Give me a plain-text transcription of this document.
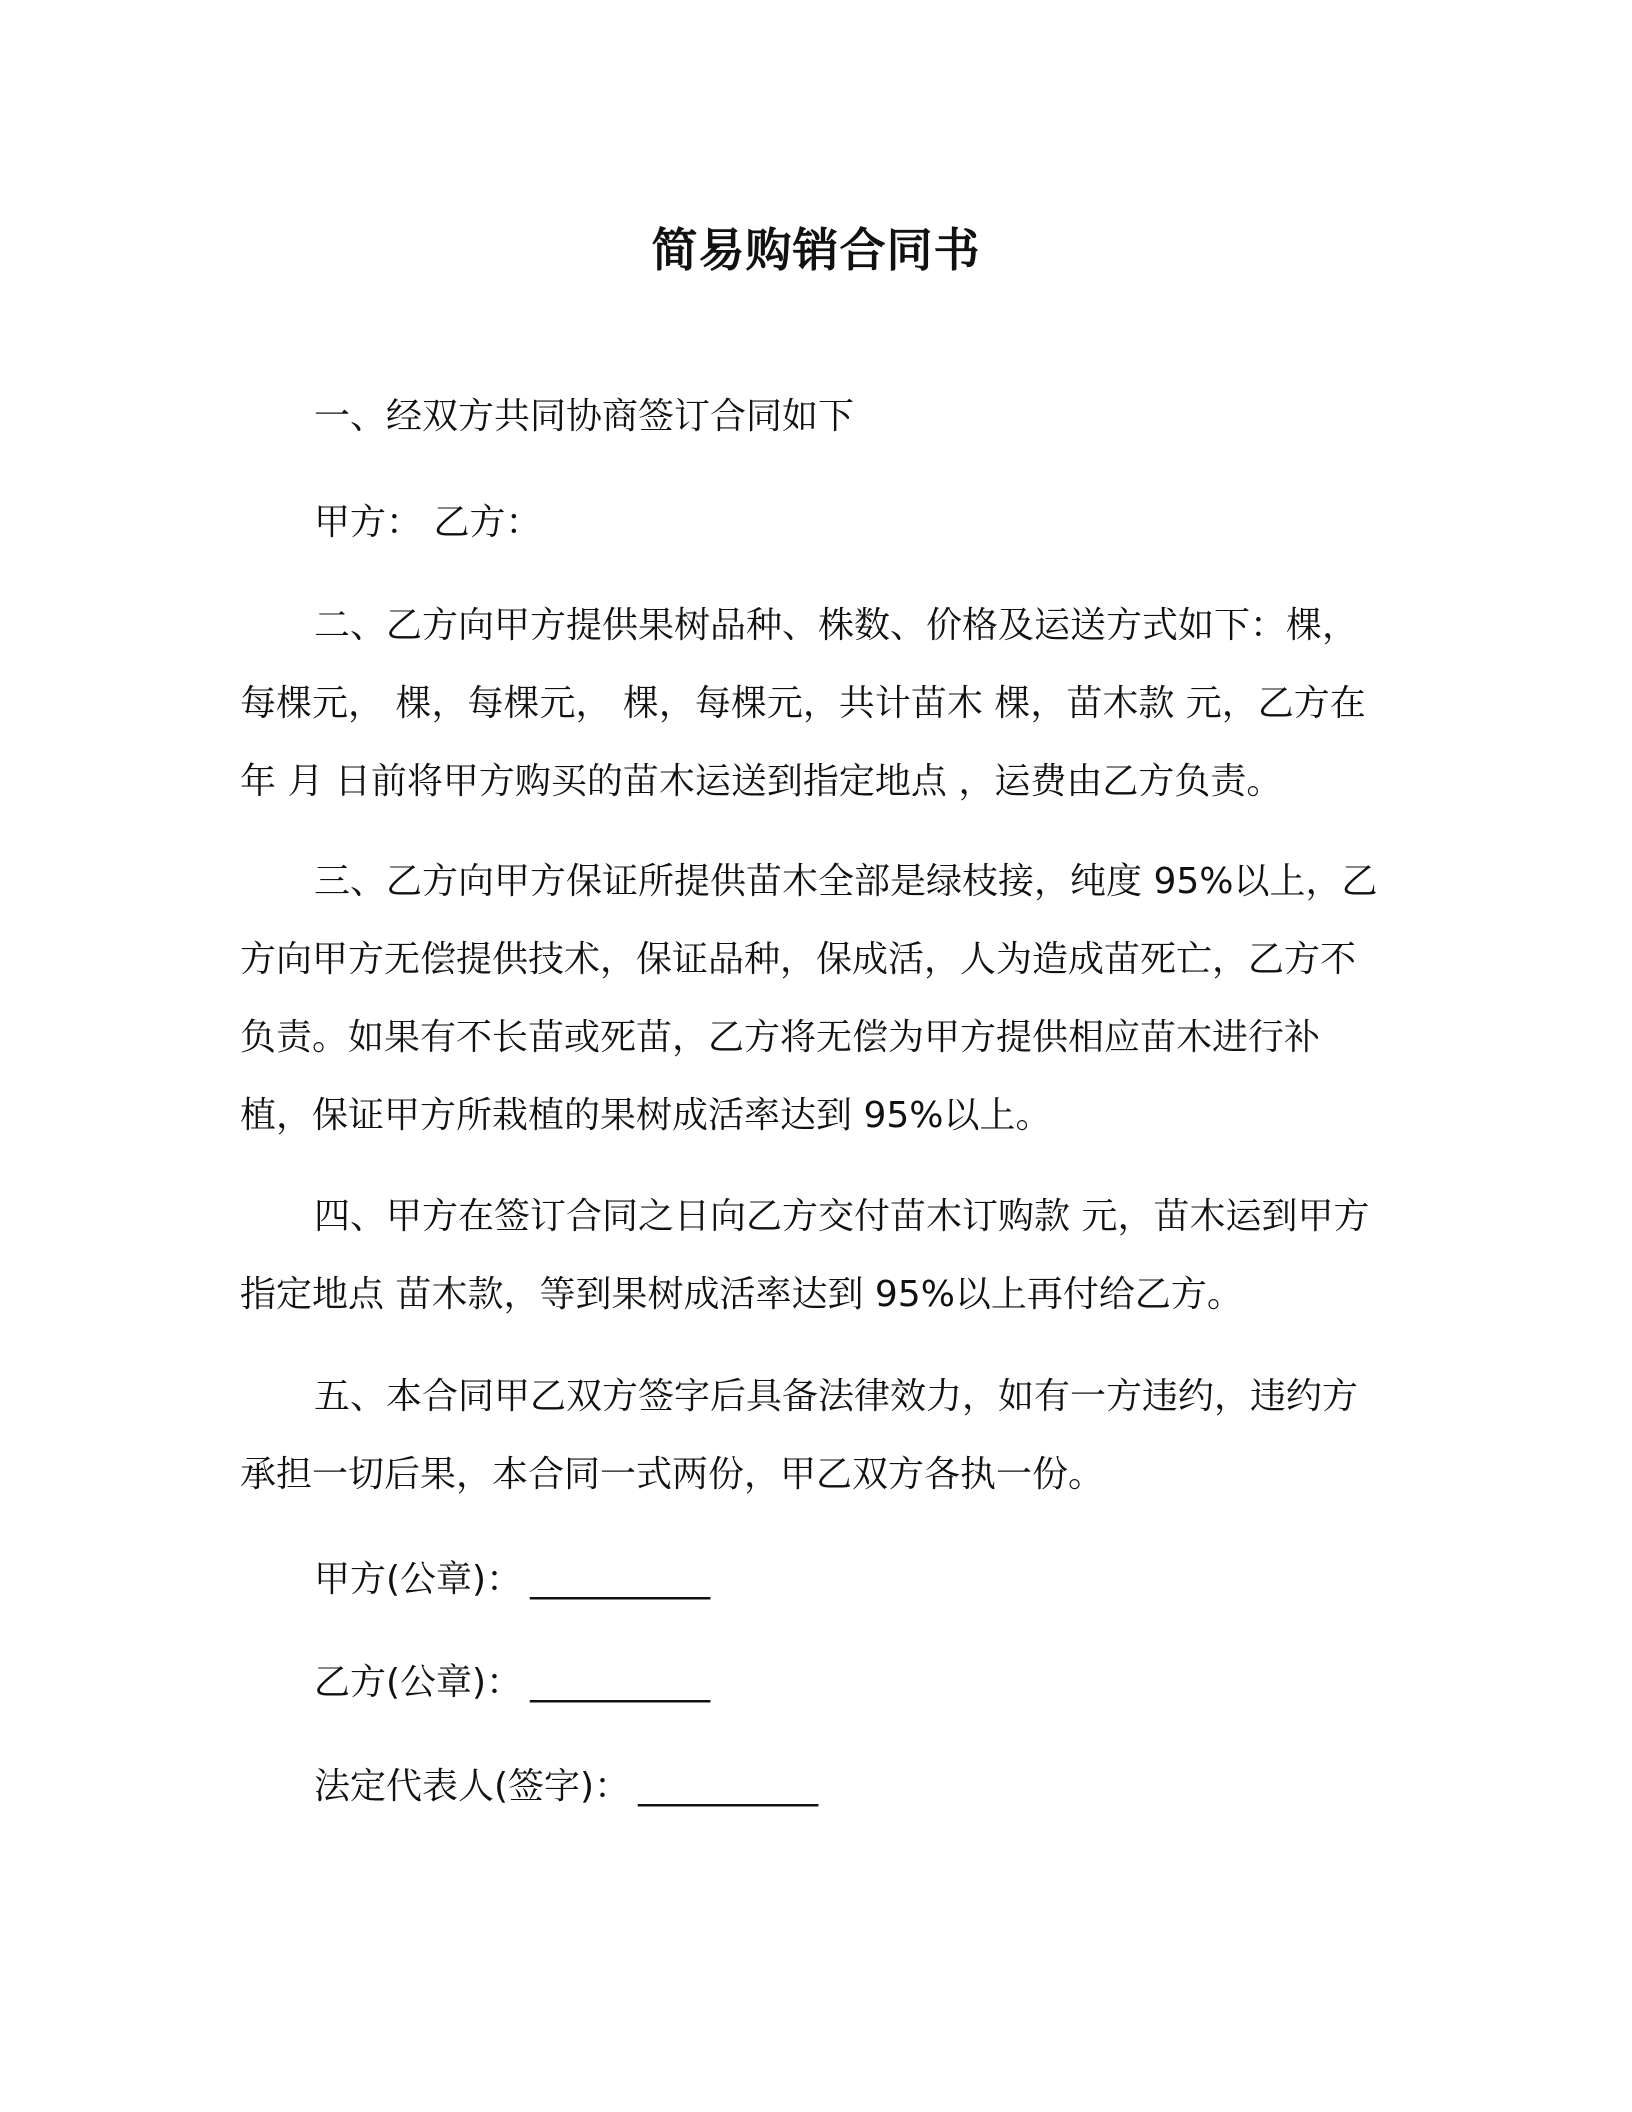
简易购销合同书
一、经双方共同协商签订合同如下
甲方： 乙方：

二、乙方向甲方提供果树品种、株数、价格及运送方式如下：棵，每棵元， 棵，每棵元， 棵，每棵元，共计苗木 棵，苗木款 元，乙方在 年 月 日前将甲方购买的苗木运送到指定地点 ，运费由乙方负责。

三、乙方向甲方保证所提供苗木全部是绿枝接，纯度 95%以上，乙方向甲方无偿提供技术，保证品种，保成活，人为造成苗死亡，乙方不负责。如果有不长苗或死苗，乙方将无偿为甲方提供相应苗木进行补植，保证甲方所栽植的果树成活率达到 95%以上。

四、甲方在签订合同之日向乙方交付苗木订购款 元，苗木运到甲方指定地点 苗木款，等到果树成活率达到 95%以上再付给乙方。

五、本合同甲乙双方签字后具备法律效力，如有一方违约，违约方承担一切后果，本合同一式两份，甲乙双方各执一份。

甲方(公章)： __________
乙方(公章)： __________
法定代表人(签字)： __________
